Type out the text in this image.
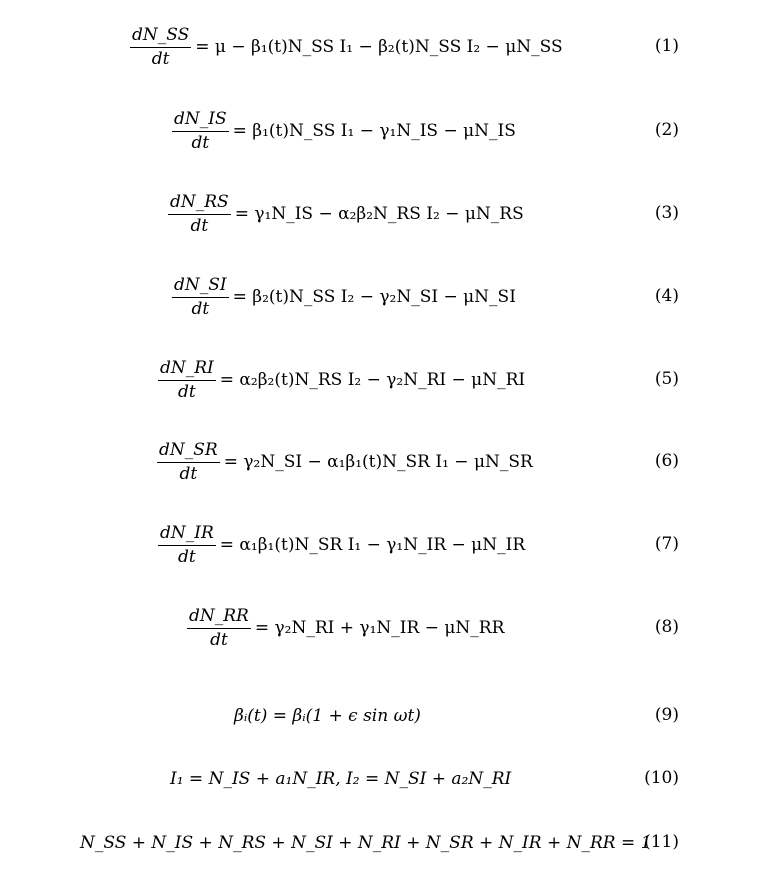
$\frac{dN\_SS}{dt} = \mu$ − β₁(t)N_SS I₁ − β₂(t)N_SS I₂ − μN_SS	(1)
$\frac{dN\_IS}{dt}$ = β₁(t)N_SS I₁ − γ₁N_IS − μN_IS	(2)
$\frac{dN\_RS}{dt}$ = γ₁N_IS − α₂β₂N_RS I₂ − μN_RS	(3)
$\frac{dN\_SI}{dt}$ = β₂(t)N_SS I₂ − γ₂N_SI − μN_SI	(4)
$\frac{dN\_RI}{dt}$ = α₂β₂(t)N_RS I₂ − γ₂N_RI − μN_RI	(5)
$\frac{dN\_SR}{dt}$ = γ₂N_SI − α₁β₁(t)N_SR I₁ − μN_SR	(6)
$\frac{dN\_IR}{dt}$ = α₁β₁(t)N_SR I₁ − γ₁N_IR − μN_IR	(7)
$\frac{dN\_RR}{dt}$ = γ₂N_RI + γ₁N_IR − μN_RR	(8)
βᵢ(t) = βᵢ(1 + ϵ sin ωt)	(9)
I₁ = N_IS + a₁N_IR, I₂ = N_SI + a₂N_RI	(10)
N_SS + N_IS + N_RS + N_SI + N_RI + N_SR + N_IR + N_RR = 1
(11)
